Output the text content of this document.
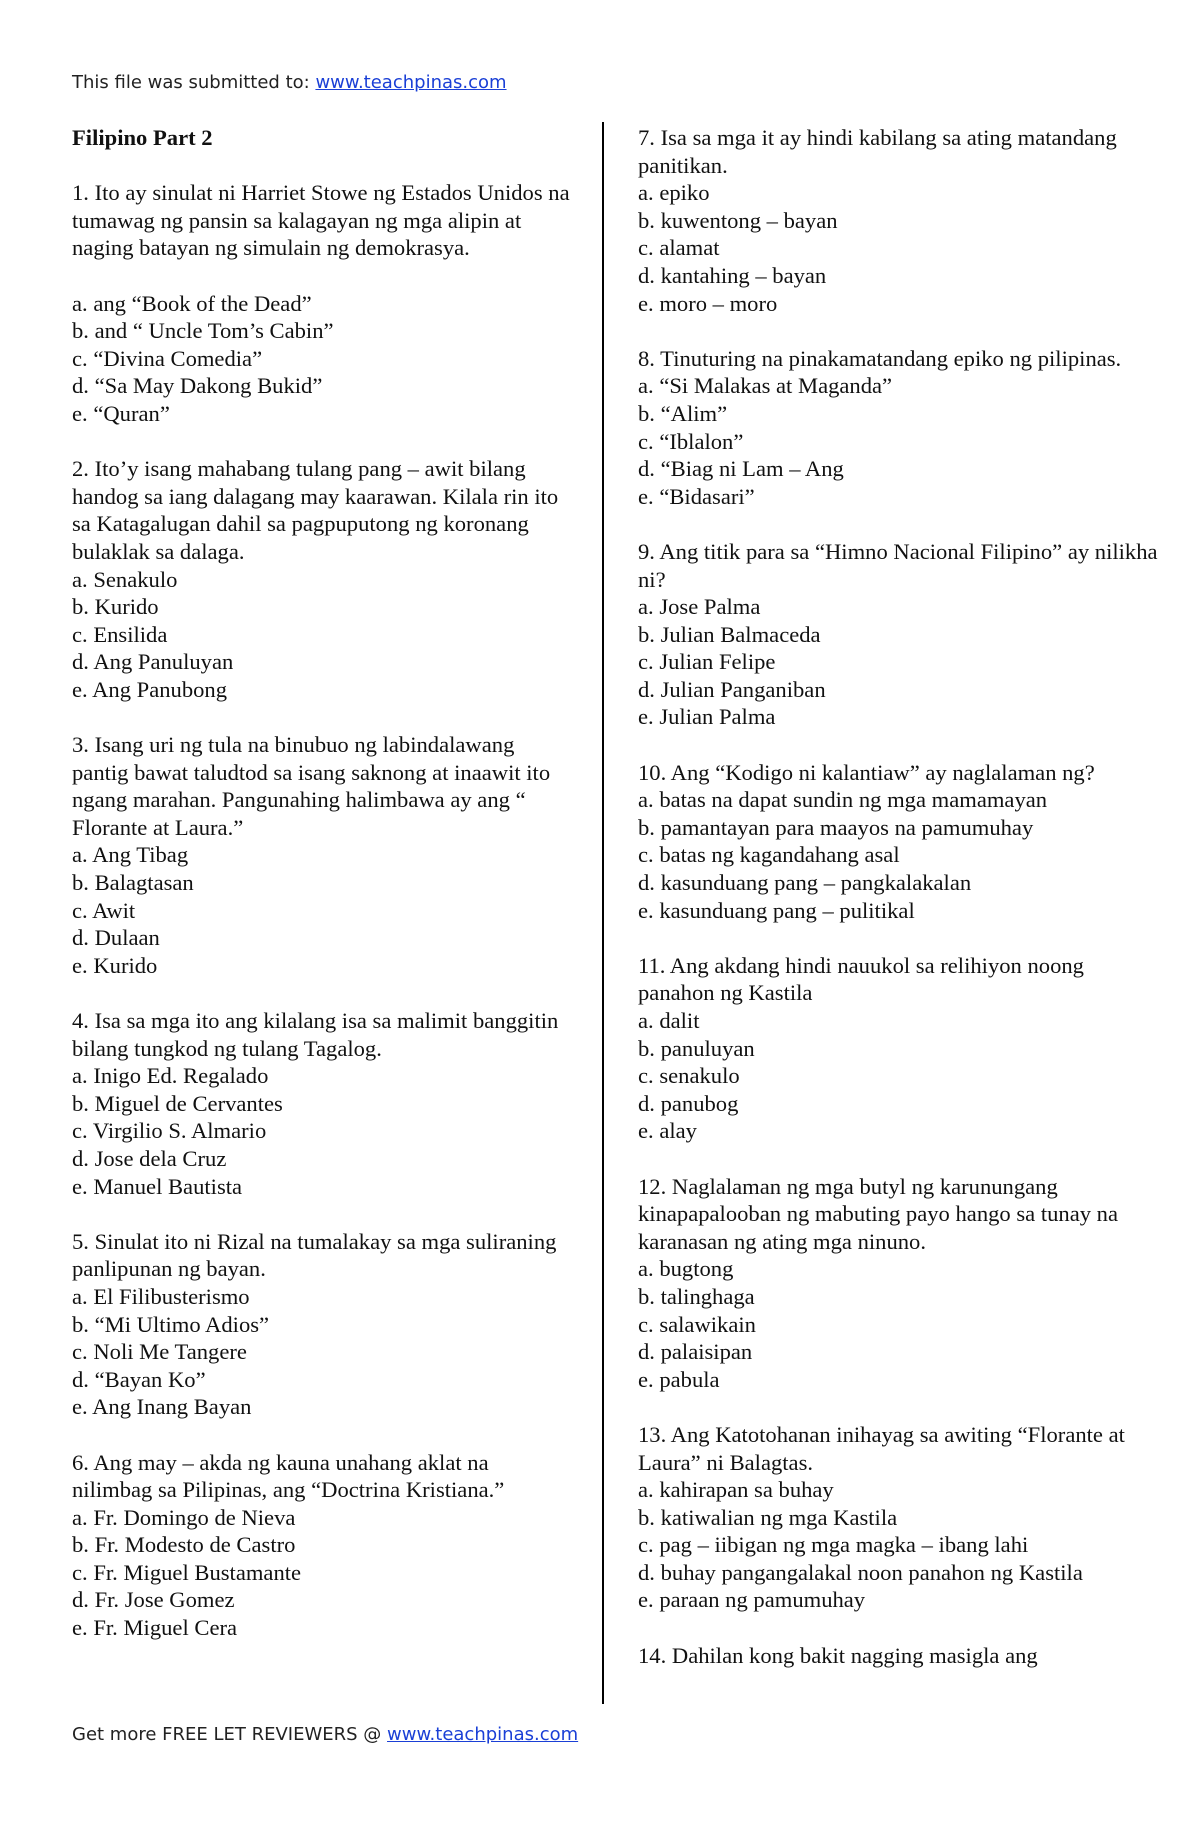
This file was submitted to: www.teachpinas.com

Filipino Part 2

1. Ito ay sinulat ni Harriet Stowe ng Estados Unidos na tumawag ng pansin sa kalagayan ng mga alipin at naging batayan ng simulain ng demokrasya.

a. ang “Book of the Dead”
b. and “ Uncle Tom’s Cabin”
c. “Divina Comedia”
d. “Sa May Dakong Bukid”
e. “Quran”

2. Ito’y isang mahabang tulang pang – awit bilang handog sa iang dalagang may kaarawan. Kilala rin ito sa Katagalugan dahil sa pagpuputong ng koronang bulaklak sa dalaga.

a. Senakulo
b. Kurido
c. Ensilida
d. Ang Panuluyan
e. Ang Panubong

3. Isang uri ng tula na binubuo ng labindalawang pantig bawat taludtod sa isang saknong at inaawit ito ngang marahan. Pangunahing halimbawa ay ang “ Florante at Laura.”

a. Ang Tibag
b. Balagtasan
c. Awit
d. Dulaan
e. Kurido

4. Isa sa mga ito ang kilalang isa sa malimit banggitin bilang tungkod ng tulang Tagalog.

a. Inigo Ed. Regalado
b. Miguel de Cervantes
c. Virgilio S. Almario
d. Jose dela Cruz
e. Manuel Bautista

5. Sinulat ito ni Rizal na tumalakay sa mga suliraning panlipunan ng bayan.

a. El Filibusterismo
b. “Mi Ultimo Adios”
c. Noli Me Tangere
d. “Bayan Ko”
e. Ang Inang Bayan

6. Ang may – akda ng kauna unahang aklat na nilimbag sa Pilipinas, ang “Doctrina Kristiana.”

a. Fr. Domingo de Nieva
b. Fr. Modesto de Castro
c. Fr. Miguel Bustamante
d. Fr. Jose Gomez
e. Fr. Miguel Cera

7. Isa sa mga it ay hindi kabilang sa ating matandang panitikan.

a. epiko
b. kuwentong – bayan
c. alamat
d. kantahing – bayan
e. moro – moro

8. Tinuturing na pinakamatandang epiko ng pilipinas.

a. “Si Malakas at Maganda”
b. “Alim”
c. “Iblalon”
d. “Biag ni Lam – Ang
e. “Bidasari”

9. Ang titik para sa “Himno Nacional Filipino” ay nilikha ni?

a. Jose Palma
b. Julian Balmaceda
c. Julian Felipe
d. Julian Panganiban
e. Julian Palma

10. Ang “Kodigo ni kalantiaw” ay naglalaman ng?

a. batas na dapat sundin ng mga mamamayan
b. pamantayan para maayos na pamumuhay
c. batas ng kagandahang asal
d. kasunduang pang – pangkalakalan
e. kasunduang pang – pulitikal

11. Ang akdang hindi nauukol sa relihiyon noong panahon ng Kastila

a. dalit
b. panuluyan
c. senakulo
d. panubog
e. alay

12. Naglalaman ng mga butyl ng karunungang kinapapalooban ng mabuting payo hango sa tunay na karanasan ng ating mga ninuno.

a. bugtong
b. talinghaga
c. salawikain
d. palaisipan
e. pabula

13. Ang Katotohanan inihayag sa awiting “Florante at Laura” ni Balagtas.

a. kahirapan sa buhay
b. katiwalian ng mga Kastila
c. pag – iibigan ng mga magka – ibang lahi
d. buhay pangangalakal noon panahon ng Kastila
e. paraan ng pamumuhay

14. Dahilan kong bakit nagging masigla ang

Get more FREE LET REVIEWERS @ www.teachpinas.com
